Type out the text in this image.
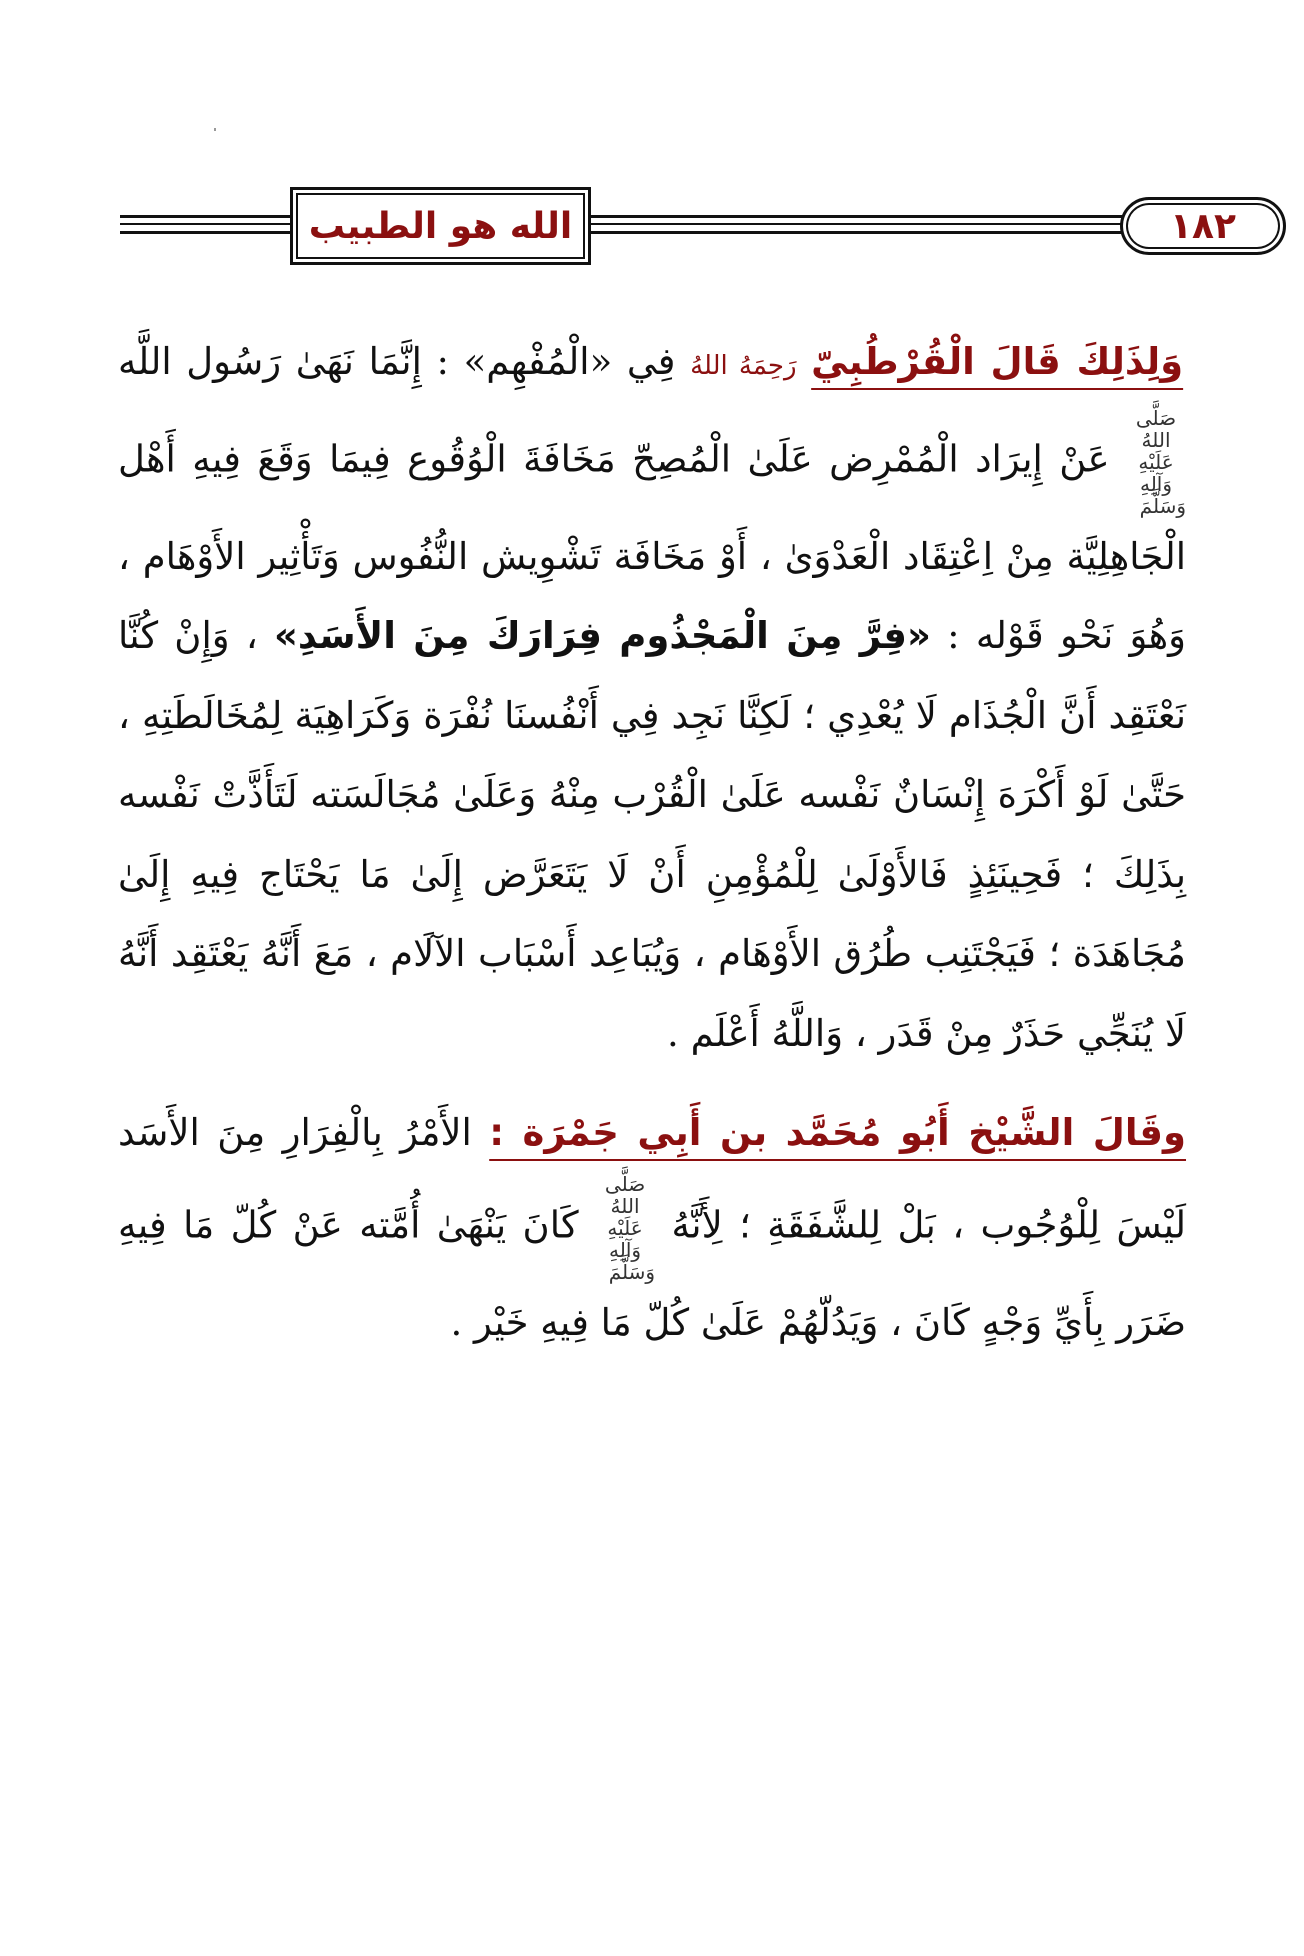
الله هو الطبيب	١٨٢

وَلِذَلِكَ قَالَ الْقُرْطُبِيّ رَحِمَهُ اللهُ فِي «الْمُفْهِم» : إِنَّمَا نَهَىٰ رَسُول اللَّه صَلَّى اللهُ عَلَيْهِ وَآلِهِ وَسَلَّمَ عَنْ إِيرَاد الْمُمْرِض عَلَىٰ الْمُصِحّ مَخَافَةَ الْوُقُوع فِيمَا وَقَعَ فِيهِ أَهْل الْجَاهِلِيَّة مِنْ اِعْتِقَاد الْعَدْوَىٰ ، أَوْ مَخَافَة تَشْوِيش النُّفُوس وَتَأْثِير الأَوْهَام ، وَهُوَ نَحْو قَوْله : «فِرَّ مِنَ الْمَجْذُوم فِرَارَكَ مِنَ الأَسَدِ» ، وَإِنْ كُنَّا نَعْتَقِد أَنَّ الْجُذَام لَا يُعْدِي ؛ لَكِنَّا نَجِد فِي أَنْفُسنَا نُفْرَة وَكَرَاهِيَة لِمُخَالَطَتِهِ ، حَتَّىٰ لَوْ أَكْرَهَ إِنْسَانٌ نَفْسه عَلَىٰ الْقُرْب مِنْهُ وَعَلَىٰ مُجَالَسَته لَتَأَذَّتْ نَفْسه بِذَلِكَ ؛ فَحِينَئِذٍ فَالأَوْلَىٰ لِلْمُؤْمِنِ أَنْ لَا يَتَعَرَّض إِلَىٰ مَا يَحْتَاج فِيهِ إِلَىٰ مُجَاهَدَة ؛ فَيَجْتَنِب طُرُق الأَوْهَام ، وَيُبَاعِد أَسْبَاب الآلَام ، مَعَ أَنَّهُ يَعْتَقِد أَنَّهُ لَا يُنَجِّي حَذَرٌ مِنْ قَدَر ، وَاللَّهُ أَعْلَم .

وقَالَ الشَّيْخ أَبُو مُحَمَّد بن أَبِي جَمْرَة : الأَمْرُ بِالْفِرَارِ مِنَ الأَسَد لَيْسَ لِلْوُجُوب ، بَلْ لِلشَّفَقَةِ ؛ لِأَنَّهُ صَلَّى اللهُ عَلَيْهِ وَآلِهِ وَسَلَّمَ كَانَ يَنْهَىٰ أُمَّته عَنْ كُلّ مَا فِيهِ ضَرَر بِأَيِّ وَجْهٍ كَانَ ، وَيَدُلّهُمْ عَلَىٰ كُلّ مَا فِيهِ خَيْر .
